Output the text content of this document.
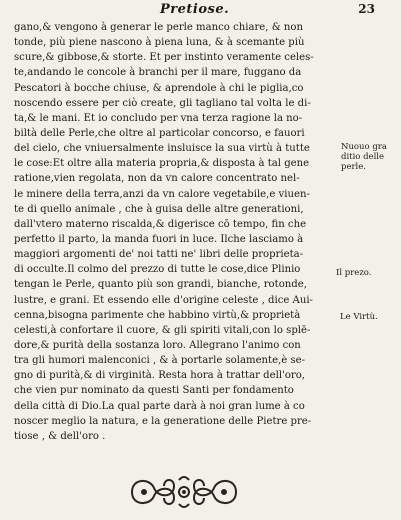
Pretiose.	23
gano,& vengono à generar le perle manco chiare, & non
tonde, più piene nascono à piena luna, & à scemante più
scure,& gibbose,& storte. Et per instinto veramente celes-
te,andando le concole à branchi per il mare, fuggano da
Pescatori à bocche chiuse, & aprendole à chi le piglia,co
noscendo essere per ciò create, gli tagliano tal volta le di-
ta,& le mani. Et io concludo per vna terza ragione la no-
biltà delle Perle,che oltre al particolar concorso, e fauori
del cielo, che vniuersalmente insluisce la sua virtù à tutte
le cose:Et oltre alla materia propria,& disposta à tal gene
ratione,vien regolata, non da vn calore concentrato nel-
le minere della terra,anzi da vn calore vegetabile,e viuen-
te di quello animale , che à guisa delle altre generationi,
dall'vtero materno riscalda,& digerisce cō tempo, fin che
perfetto il parto, la manda fuori in luce. Ilche lasciamo à
maggiori argomenti de' noi tatti ne' libri delle proprieta-
di occulte.Il colmo del prezzo di tutte le cose,dice Plinio
tengan le Perle, quanto più son grandi, bianche, rotonde,
lustre, e grani. Et essendo elle d'origine celeste , dice Aui-
cenna,bisogna parimente che habbino virtù,& proprietà
celesti,à confortare il cuore, & gli spiriti vitali,con lo splē-
dore,& purità della sostanza loro. Allegrano l'animo con
tra gli humori malenconici , & à portarle solamente,è se-
gno di purità,& di virginità. Resta hora à trattar dell'oro,
che vien pur nominato da questi Santi per fondamento
della città di Dio.La qual parte darà à noi gran lume à co
noscer meglio la natura, e la generatione delle Pietre pre-
tiose , & dell'oro .
Nuouo gra
ditio delle
perle.
Il prezo.
Le Virtù.
